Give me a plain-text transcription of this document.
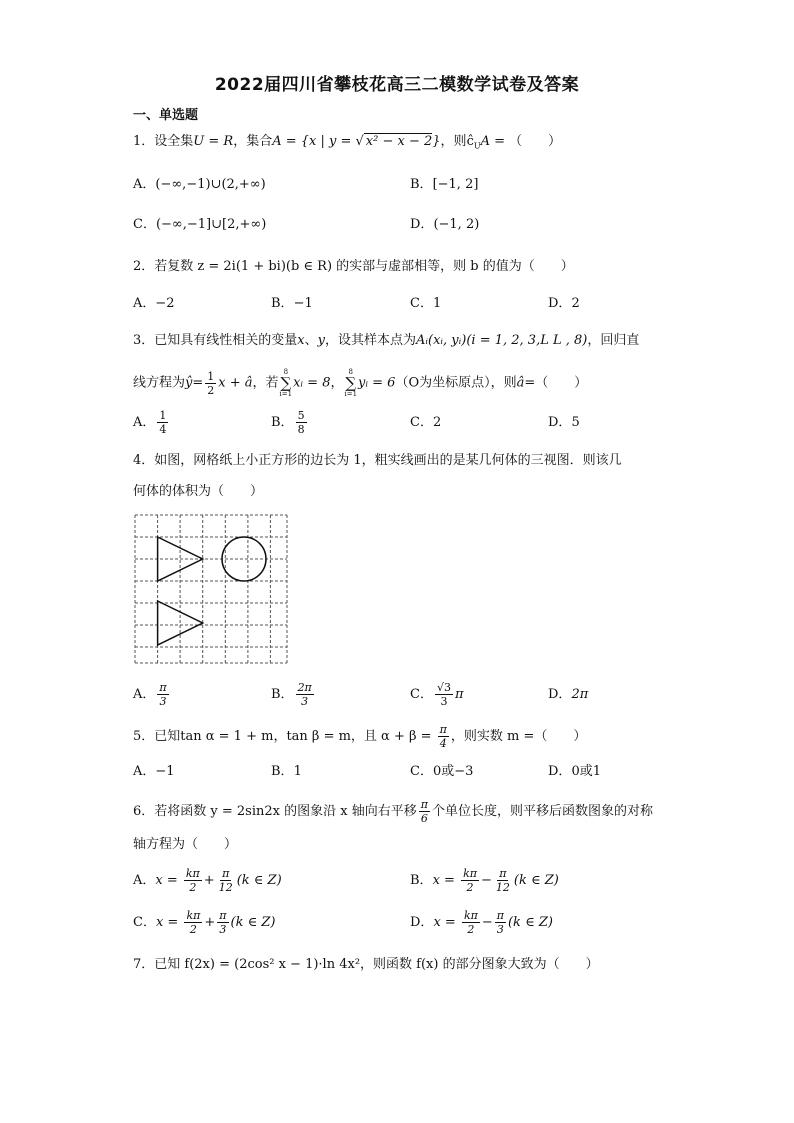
2022届四川省攀枝花高三二模数学试卷及答案
一、单选题
1．设全集U = R，集合A = {x | y = √ x² − x − 2}，则$ĉ_UA$ = （　　）
A．(−∞,−1)∪(2,+∞)	B．[−1, 2]
C．(−∞,−1]∪[2,+∞)	D．(−1, 2)
2．若复数 z = 2i(1 + bi)(b ∈ R) 的实部与虚部相等，则 b 的值为（　　）
A．−2	B．−1	C．1	D．2
3．已知具有线性相关的变量x、y，设其样本点为Aᵢ(xᵢ, yᵢ)(i = 1, 2, 3,L L , 8)，回归直
线方程为ŷ= $\frac{1}{2}$ x + â，若
8
∑
i=1
xᵢ = 8，
8
∑
i=1
yᵢ = 6（O为坐标原点），则â=（　　）
A． $\frac{1}{4}$	B． $\frac{5}{8}$	C．2	D．5
4．如图，网格纸上小正方形的边长为 1，粗实线画出的是某几何体的三视图．则该几
何体的体积为（　　）
A． $\frac{\pi}{3}$	B． $\frac{2\pi}{3}$	C． $\frac{√3}{3}$ π	D．2π
5．已知tan α = 1 + m，tan β = m，且 $\alpha + \beta = \frac{\pi}{4}$ ，则实数 m =（　　）
A．−1	B．1	C．0或−3	D．0或1
6．若将函数 y = 2sin2x 的图象沿 x 轴向右平移 $\frac{\pi}{6}$ 个单位长度，则平移后函数图象的对称
轴方程为（　　）
A．$x = \frac{k\pi}{2} + \frac{\pi}{12} (k$ ∈ Z)	B．$x = \frac{k\pi}{2} - \frac{\pi}{12} (k$ ∈ Z)
C．$x = \frac{k\pi}{2} + \frac{\pi}{3} (k$ ∈ Z)	D．$x = \frac{k\pi}{2} - \frac{\pi}{3} (k$ ∈ Z)
7．已知 f(2x) = (2cos² x − 1)·ln 4x²，则函数 f(x) 的部分图象大致为（　　）
